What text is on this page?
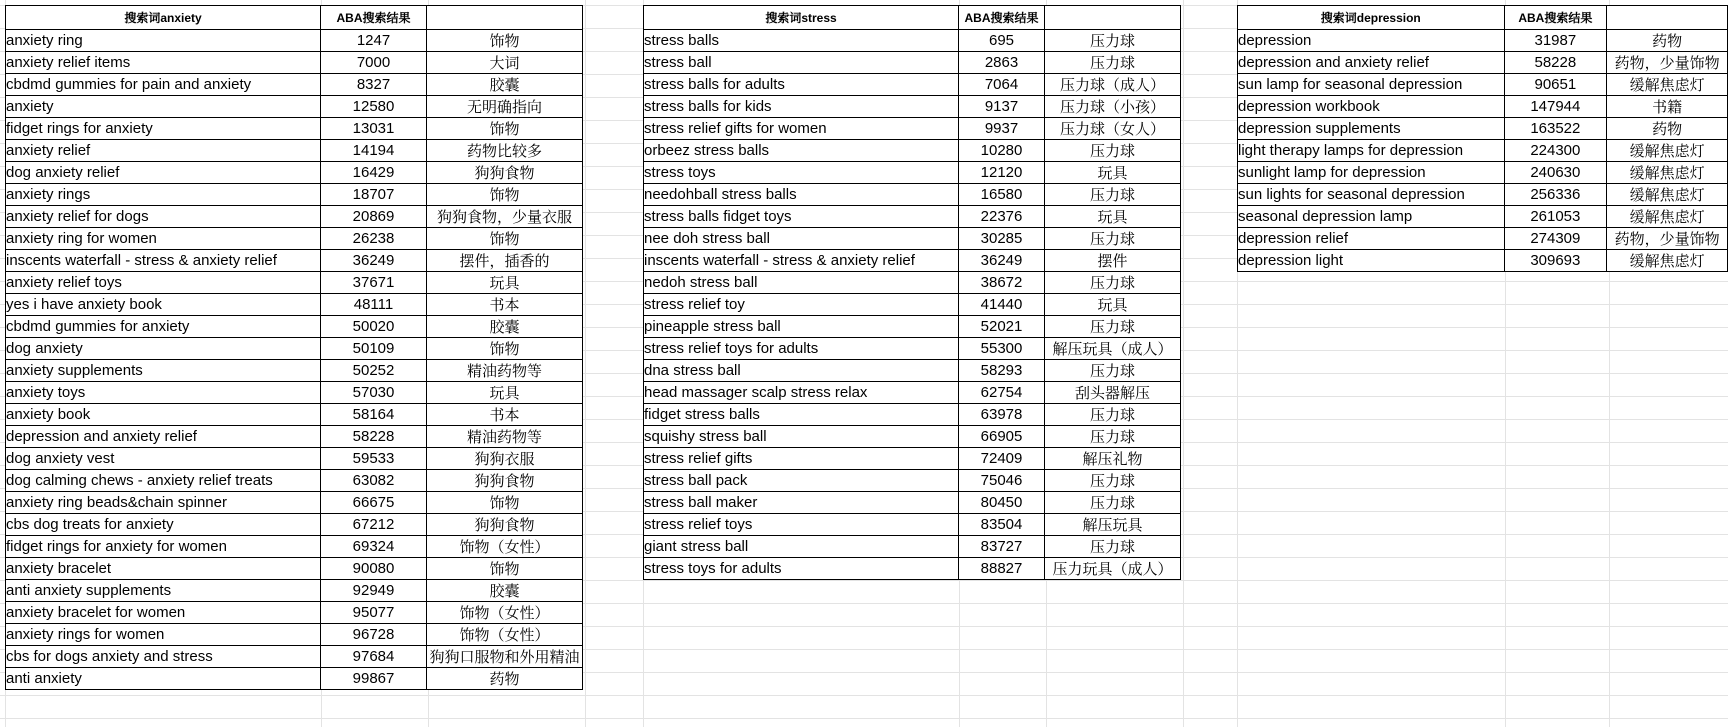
搜索词anxiety	ABA搜索结果	
anxiety ring	1247	饰物
anxiety relief items	7000	大词
cbdmd gummies for pain and anxiety	8327	胶囊
anxiety	12580	无明确指向
fidget rings for anxiety	13031	饰物
anxiety relief	14194	药物比较多
dog anxiety relief	16429	狗狗食物
anxiety rings	18707	饰物
anxiety relief for dogs	20869	狗狗食物，少量衣服
anxiety ring for women	26238	饰物
inscents waterfall - stress & anxiety relief	36249	摆件，插香的
anxiety relief toys	37671	玩具
yes i have anxiety book	48111	书本
cbdmd gummies for anxiety	50020	胶囊
dog anxiety	50109	饰物
anxiety supplements	50252	精油药物等
anxiety toys	57030	玩具
anxiety book	58164	书本
depression and anxiety relief	58228	精油药物等
dog anxiety vest	59533	狗狗衣服
dog calming chews - anxiety relief treats	63082	狗狗食物
anxiety ring beads&chain spinner	66675	饰物
cbs dog treats for anxiety	67212	狗狗食物
fidget rings for anxiety for women	69324	饰物（女性）
anxiety bracelet	90080	饰物
anti anxiety supplements	92949	胶囊
anxiety bracelet for women	95077	饰物（女性）
anxiety rings for women	96728	饰物（女性）
cbs for dogs anxiety and stress	97684	狗狗口服物和外用精油
anti anxiety	99867	药物
搜索词stress	ABA搜索结果	
stress balls	695	压力球
stress ball	2863	压力球
stress balls for adults	7064	压力球（成人）
stress balls for kids	9137	压力球（小孩）
stress relief gifts for women	9937	压力球（女人）
orbeez stress balls	10280	压力球
stress toys	12120	玩具
needohball stress balls	16580	压力球
stress balls fidget toys	22376	玩具
nee doh stress ball	30285	压力球
inscents waterfall - stress & anxiety relief	36249	摆件
nedoh stress ball	38672	压力球
stress relief toy	41440	玩具
pineapple stress ball	52021	压力球
stress relief toys for adults	55300	解压玩具（成人）
dna stress ball	58293	压力球
head massager scalp stress relax	62754	刮头器解压
fidget stress balls	63978	压力球
squishy stress ball	66905	压力球
stress relief gifts	72409	解压礼物
stress ball pack	75046	压力球
stress ball maker	80450	压力球
stress relief toys	83504	解压玩具
giant stress ball	83727	压力球
stress toys for adults	88827	压力玩具（成人）
搜索词depression	ABA搜索结果	
depression	31987	药物
depression and anxiety relief	58228	药物，少量饰物
sun lamp for seasonal depression	90651	缓解焦虑灯
depression workbook	147944	书籍
depression supplements	163522	药物
light therapy lamps for depression	224300	缓解焦虑灯
sunlight lamp for depression	240630	缓解焦虑灯
sun lights for seasonal depression	256336	缓解焦虑灯
seasonal depression lamp	261053	缓解焦虑灯
depression relief	274309	药物，少量饰物
depression light	309693	缓解焦虑灯
